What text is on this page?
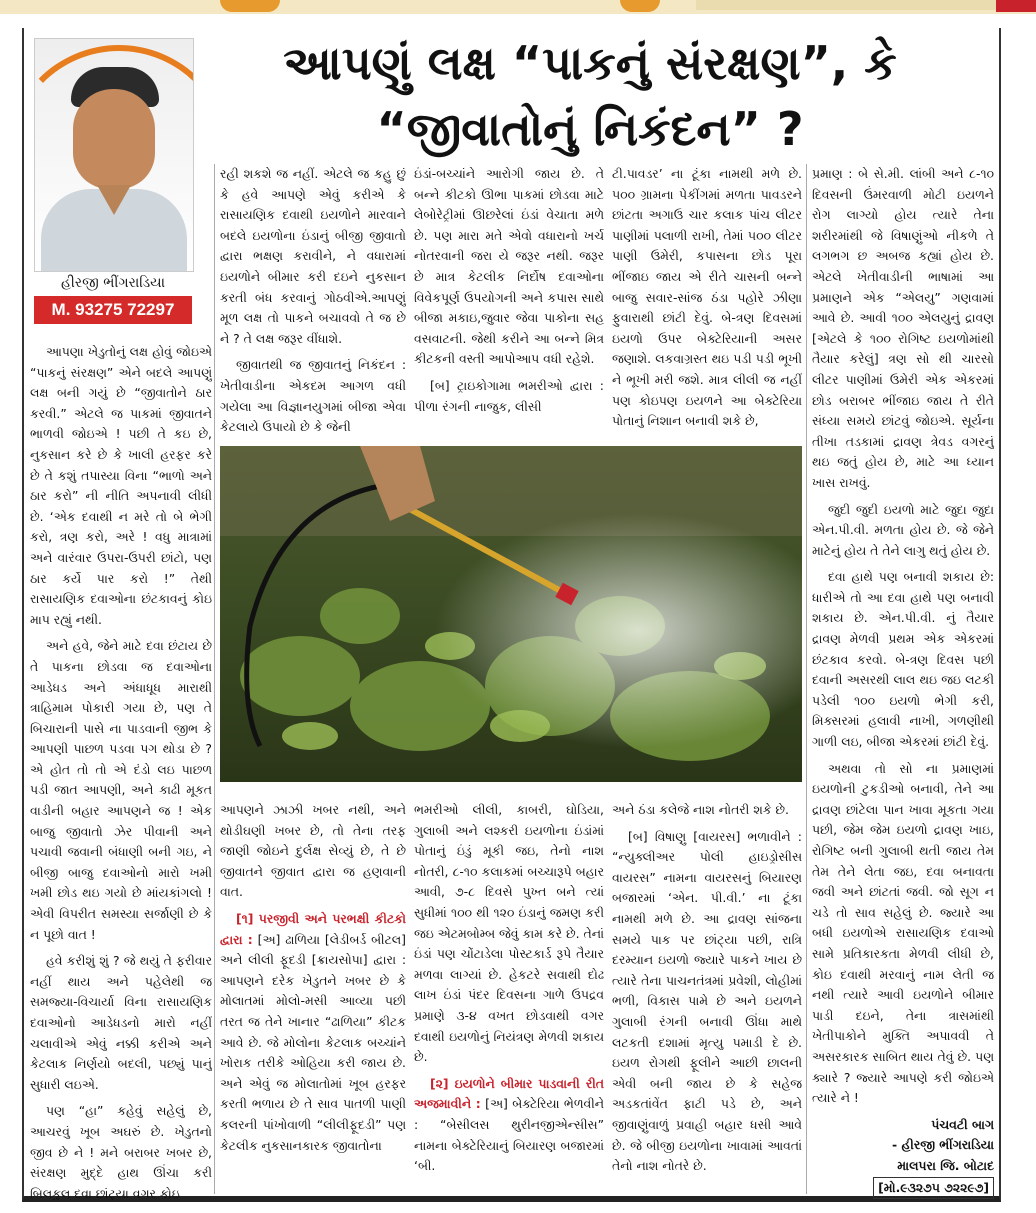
હીરજી ભીંગરાડિયા
M. 93275 72297
આપણું લક્ષ “પાકનું સંરક્ષણ”, કે
“જીવાતોનું નિકંદન” ?

આપણા ખેડુતોનું લક્ષ હોવું જોઇએ “પાકનું સંરક્ષણ” એને બદલે આપણું લક્ષ બની ગયું છે “જીવાતોને ઠાર કરવી.” એટલે જ પાકમાં જીવાતને ભાળવી જોઇએ ! પછી તે કઇ છે, નુકસાન કરે છે કે ખાલી હરફર કરે છે તે કશું તપાસ્યા વિના “ભાળો અને ઠાર કરો” ની નીતિ અપનાવી લીધી છે. ‘એક દવાથી ન મરે તો બે ભેગી કરો, ત્રણ કરો, અરે ! વધુ માત્રામાં અને વારંવાર ઉપરા-ઉપરી છાંટો, પણ ઠાર કર્યે પાર કરો !” તેથી રાસાયણિક દવાઓના છંટકાવનું કોઇ માપ રહ્યું નથી.

અને હવે, જેને માટે દવા છંટાય છે તે પાકના છોડવા જ દવાઓના આડેધડ અને અંધાધૂધ મારાથી ત્રાહિમામ પોકારી ગયા છે, પણ તે બિચારાની પાસે ના પાડવાની જીભ કે આપણી પાછળ પડવા પગ થોડા છે ? એ હોત તો તો એ દંડો લઇ પાછળ પડી જાત આપણી, અને કાઢી મૂકત વાડીની બહાર આપણને જ ! એક બાજુ જીવાતો ઝેર પીવાની અને પચાવી જવાની બંધાણી બની ગઇ, ને બીજી બાજુ દવાઓનો મારો ખમી ખમી છોડ થઇ ગયો છે માંયકાંગલો ! એવી વિપરીત સમસ્યા સર્જાણી છે કે ન પૂછો વાત !

હવે કરીશું શું ? જે થયું તે ફરીવાર નહીં થાય અને પહેલેથી જ સમજ્યા-વિચાર્યા વિના રાસાયણિક દવાઓનો આડેધડનો મારો નહીં ચલાવીએ એવું નક્કી કરીએ અને કેટલાક નિર્ણયો બદલી, પછ્યું પાનું સુધારી લઇએ.

પણ “હા” કહેવું સહેલું છે, આચરવું ખૂબ અઘરું છે. ખેડુતનો જીવ છે ને ! મને બરાબર ખબર છે, સંરક્ષણ મુદ્દે હાથ ઊંચા કરી બિલકુલ દવા છાંટ્યા વગર કોઇ

રહી શકશે જ નહીં. એટલે જ કહુ છું કે હવે આપણે એવું કરીએ કે રાસાયણિક દવાથી ઇયળોને મારવાને બદલે ઇયળોના ઇંડાનું બીજી જીવાતો દ્વારા ભક્ષણ કરાવીને, ને વધારામાં ઇયળોને બીમાર કરી દઇને નુકસાન કરતી બંધ કરવાનું ગોઠવીએ.આપણું મૂળ લક્ષ તો પાકને બચાવવો તે જ છે ને ? તે લક્ષ જરૂર વીંધાશે.

જીવાતથી જ જીવાતનું નિકંદન : ખેતીવાડીના એકદમ આગળ વધી ગયેલા આ વિજ્ઞાનયુગમાં બીજા એવા કેટલાયે ઉપાયો છે કે જેની

ઇંડાં-બચ્ચાંને આરોગી જાય છે. તે બન્ને કીટકો ઊભા પાકમાં છોડવા માટે લેબોરેટ્રીમાં ઊછરેલાં ઇંડાં વેચાતા મળે છે. પણ મારા મતે એવો વધારાનો ખર્ચ નોતરવાની જરા યે જરૂર નથી. જરૂર છે માત્ર કેટલીક નિર્દોષ દવાઓના વિવેકપૂર્ણ ઉપયોગની અને કપાસ સાથે બીજા મકાઇ,જુવાર જેવા પાકોના સહ વસવાટની. જેથી કરીને આ બન્ને મિત્ર કીટકની વસ્તી આપોઆપ વધી રહેશે.

[બ] ટ્રાઇકોગામા ભમરીઓ દ્વારા : પીળા રંગની નાજુક, લીસી

ટી.પાવડર’ ના ટૂંકા નામથી મળે છે. ૫૦૦ ગ્રામના પેકીંગમાં મળતા પાવડરને છાંટતા અગાઉ ચાર કલાક પાંચ લીટર પાણીમાં પલાળી રાખી, તેમાં ૫૦૦ લીટર પાણી ઉમેરી, કપાસના છોડ પૂરા ભીંજાઇ જાય એ રીતે ચાસની બન્ને બાજુ સવાર-સાંજ ઠંડા પહોરે ઝીણા ફુવારાથી છાંટી દેવું. બે-ત્રણ દિવસમાં ઇયળો ઉપર બેક્ટેરિયાની અસર જણાશે. લકવાગ્રસ્ત થઇ પડી પડી ભૂખી ને ભૂખી મરી જશે. માત્ર લીલી જ નહીં પણ કોઇપણ ઇયળને આ બેક્ટેરિયા પોતાનું નિશાન બનાવી શકે છે,

આપણને ઝાઝી ખબર નથી, અને થોડીઘણી ખબર છે, તો તેના તરફ જાણી જોઇને દુર્લક્ષ સેવ્યું છે, તે છે જીવાતને જીવાત દ્વારા જ હણવાની વાત.

[૧] પરજીવી અને પરભક્ષી કીટકો દ્વારા : [અ] ઢાળિયા [લેડીબર્ડ બીટલ] અને લીલી ફૂદડી [ક્રાયસોપા] દ્વારા : આપણને દરેક ખેડુતને ખબર છે કે મોલાતમાં મોલો-મસી આવ્યા પછી તરત જ તેને ખાનાર “ઢાળિયા” કીટક આવે છે. જે મોલોના કેટલાક બચ્ચાંને ખોરાક તરીકે ઓહિયા કરી જાય છે. અને એવું જ મોલાતોમાં ખૂબ હરફર કરતી ભળાય છે તે સાવ પાતળી પાણી કલરની પાંખોવાળી “લીલીફૂદડી” પણ કેટલીક નુકસાનકારક જીવાતોના

ભમરીઓ લીલી, કાબરી, ઘોડિયા, ગુલાબી અને લશ્કરી ઇયળોના ઇંડાંમાં પોતાનું ઇંડું મૂકી જઇ, તેનો નાશ નોતરી, ૮-૧૦ કલાકમાં બચ્ચારૂપે બહાર આવી, ૭-૮ દિવસે પુખ્ત બને ત્યાં સુધીમાં ૧૦૦ થી ૧૨૦ ઇંડાનું જમણ કરી જઇ એટમબોમ્બ જેવું કામ કરે છે. તેનાં ઇંડાં પણ ચોંટાડેલા પોસ્ટકાર્ડ રૂપે તૈયાર મળવા લાગ્યાં છે. હેકટરે સવાથી દોઢ લાખ ઇંડાં પંદર દિવસના ગાળે ઉપદ્રવ પ્રમાણે ૩-૪ વખત છોડવાથી વગર દવાથી ઇયળોનું નિયંત્રણ મેળવી શકાય છે.

[૨] ઇયળોને બીમાર પાડવાની રીત અજમાવીને : [અ] બેક્ટેરિયા ભેળવીને : “બેસીલસ થુરીનજીએન્સીસ” નામના બેક્ટેરિયાનું બિયારણ બજારમાં ‘બી.

અને ઠંડા કલેજે નાશ નોતરી શકે છે.

[બ] વિષાણુ [વાયરસ] ભળાવીને : “ન્યુક્લીઅર પોલી હાઇડ્રોસીસ વાયરસ” નામના વાયરસનું બિયારણ બજારમાં ‘એન. પી.વી.’ ના ટૂંકા નામથી મળે છે. આ દ્રાવણ સાંજના સમયે પાક પર છાંટ્યા પછી, રાત્રિ દરમ્યાન ઇયળો જ્યારે પાકને ખાય છે ત્યારે તેના પાચનતંત્રમાં પ્રવેશી, લોહીમાં ભળી, વિકાસ પામે છે અને ઇયળને ગુલાબી રંગની બનાવી ઊંધા માથે લટકતી દશામાં મૃત્યુ પમાડી દે છે. ઇયળ રોગથી ફૂલીને આછી છાલની એવી બની જાય છે કે સહેજ અડકતાંવેંત ફાટી પડે છે, અને જીવાણુંવાળું પ્રવાહી બહાર ધસી આવે છે. જે બીજી ઇયળોના ખાવામાં આવતાં તેનો નાશ નોતરે છે.

પ્રમાણ : બે સે.મી. લાંબી અને ૮-૧૦ દિવસની ઉંમરવાળી મોટી ઇયળને રોગ લાગ્યો હોય ત્યારે તેના શરીરમાંથી જે વિષાણુંઓ નીકળે તે લગભગ છ અબજ કહ્યાં હોય છે. એટલે ખેતીવાડીની ભાષામાં આ પ્રમાણને એક “એલયુ” ગણવામાં આવે છે. આવી ૧૦૦ એલયુનું દ્રાવણ [એટલે કે ૧૦૦ રોગિષ્ટ ઇયળોમાંથી તૈયાર કરેલું] ત્રણ સો થી ચારસો લીટર પાણીમાં ઉમેરી એક એકરમાં છોડ બરાબર ભીંજાઇ જાય તે રીતે સંધ્યા સમયે છાંટવું જોઇએ. સૂર્યના તીખા તડકામાં દ્રાવણ ત્રેવડ વગરનું થઇ જતું હોય છે, માટે આ ધ્યાન ખાસ રાખવું.

જુદી જુદી ઇયળો માટે જુદા જુદા એન.પી.વી. મળતા હોય છે. જે જેને માટેનું હોય તે તેને લાગુ થતું હોય છે.

દવા હાથે પણ બનાવી શકાય છે: ધારીએ તો આ દવા હાથે પણ બનાવી શકાય છે. એન.પી.વી. નું તૈયાર દ્રાવણ મેળવી પ્રથમ એક એકરમાં છંટકાવ કરવો. બે-ત્રણ દિવસ પછી દવાની અસરથી લાલ થઇ જઇ લટકી પડેલી ૧૦૦ ઇયળો ભેગી કરી, મિક્સરમાં હલાવી નાખી, ગળણીથી ગાળી લઇ, બીજા એકરમાં છાંટી દેવું.

અથવા તો સો ના પ્રમાણમાં ઇયળોની ટુકડીઓ બનાવી, તેને આ દ્રાવણ છાંટેલા પાન ખાવા મૂકતા ગયા પછી, જેમ જેમ ઇયળો દ્રાવણ ખાઇ, રોગિષ્ટ બની ગુલાબી થતી જાય તેમ તેમ તેને લેતા જઇ, દવા બનાવતા જવી અને છાંટતાં જવી. જો સૂગ ન ચડે તો સાવ સહેલું છે. જ્યારે આ બધી ઇયળોએ રાસાયણિક દવાઓ સામે પ્રતિકારકતા મેળવી લીધી છે, કોઇ દવાથી મરવાનું નામ લેતી જ નથી ત્યારે આવી ઇયળોને બીમાર પાડી દઇને, તેના ત્રાસમાંથી ખેતીપાકોને મુક્તિ અપાવવી તે અસરકારક સાબિત થાય તેવું છે. પણ ક્યારે ? જ્યારે આપણે કરી જોઇએ ત્યારે ને !

પંચવટી બાગ
- હીરજી ભીંગરાડિયા
માલપરા જિ. બોટાદ
[મો.૯૩૨૭૫ ૭૨૨૯૭]
